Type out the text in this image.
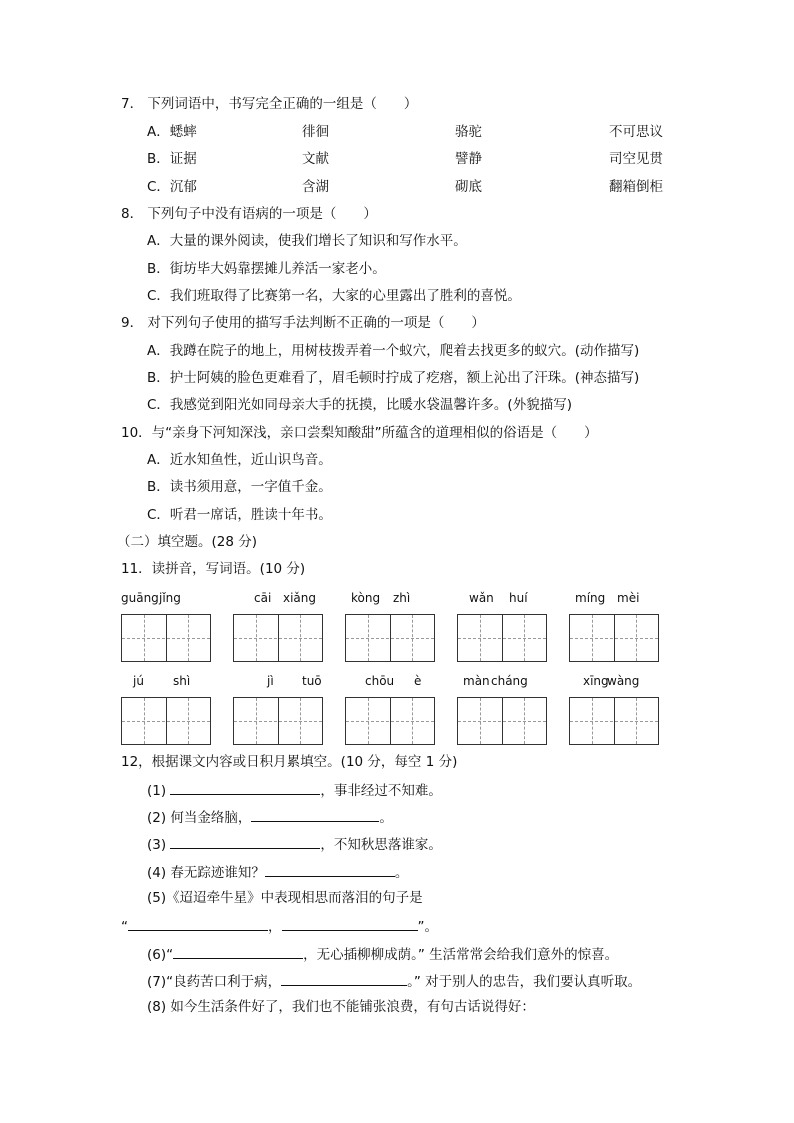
7． 下列词语中，书写完全正确的一组是（　　）
A．蟋蟀	徘徊	骆驼	不可思议
B．证据	文献	譬静	司空见贯
C．沉郁	含湖	砌底	翻箱倒柜
8． 下列句子中没有语病的一项是（　　）
A．大量的课外阅读，使我们增长了知识和写作水平。
B．街坊毕大妈靠摆摊儿养活一家老小。
C．我们班取得了比赛第一名，大家的心里露出了胜利的喜悦。
9． 对下列句子使用的描写手法判断不正确的一项是（　　）
A．我蹲在院子的地上，用树枝拨弄着一个蚁穴，爬着去找更多的蚁穴。(动作描写)
B．护士阿姨的脸色更难看了，眉毛顿时拧成了疙瘩，额上沁出了汗珠。(神态描写)
C．我感觉到阳光如同母亲大手的抚摸，比暖水袋温馨许多。(外貌描写)
10．与“亲身下河知深浅，亲口尝梨知酸甜”所蕴含的道理相似的俗语是（　　）
A．近水知鱼性，近山识鸟音。
B．读书须用意，一字值千金。
C．听君一席话，胜读十年书。
（二）填空题。(28 分)
11．读拼音，写词语。(10 分)
guāng jǐng	cāi xiǎng	kòng zhì	wǎn huí	míng mèi
jú shì	jì tuō	chōu è	màn cháng	xīng
wàng
12，根据课文内容或日积月累填空。(10 分，每空 1 分)
(1)	，事非经过不知难。
(2) 何当金络脑，	。
(3)	，不知秋思落谁家。
(4) 春无踪迹谁知？	。
(5)《迢迢牵牛星》中表现相思而落泪的句子是
“	，	”。
(6)“	，无心插柳柳成荫。” 生活常常会给我们意外的惊喜。
(7)“良药苦口利于病，	。” 对于别人的忠告，我们要认真听取。
(8) 如今生活条件好了，我们也不能铺张浪费，有句古话说得好：
